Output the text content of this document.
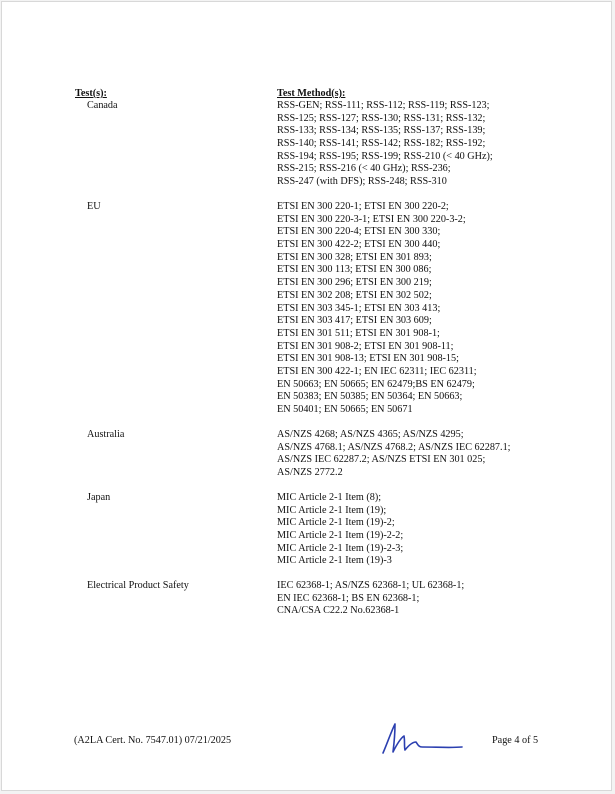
Test(s):	Test Method(s):
Canada	RSS-GEN; RSS-111; RSS-112; RSS-119; RSS-123;
RSS-125; RSS-127; RSS-130; RSS-131; RSS-132;
RSS-133; RSS-134; RSS-135; RSS-137; RSS-139;
RSS-140; RSS-141; RSS-142; RSS-182; RSS-192;
RSS-194; RSS-195; RSS-199; RSS-210 (< 40 GHz);
RSS-215; RSS-216 (< 40 GHz); RSS-236;
RSS-247 (with DFS); RSS-248; RSS-310
EU	ETSI EN 300 220-1; ETSI EN 300 220-2;
ETSI EN 300 220-3-1; ETSI EN 300 220-3-2;
ETSI EN 300 220-4; ETSI EN 300 330;
ETSI EN 300 422-2; ETSI EN 300 440;
ETSI EN 300 328; ETSI EN 301 893;
ETSI EN 300 113; ETSI EN 300 086;
ETSI EN 300 296; ETSI EN 300 219;
ETSI EN 302 208; ETSI EN 302 502;
ETSI EN 303 345-1; ETSI EN 303 413;
ETSI EN 303 417; ETSI EN 303 609;
ETSI EN 301 511; ETSI EN 301 908-1;
ETSI EN 301 908-2; ETSI EN 301 908-11;
ETSI EN 301 908-13; ETSI EN 301 908-15;
ETSI EN 300 422-1; EN IEC 62311; IEC 62311;
EN 50663; EN 50665; EN 62479;BS EN 62479;
EN 50383; EN 50385; EN 50364; EN 50663;
EN 50401; EN 50665; EN 50671
Australia	AS/NZS 4268; AS/NZS 4365; AS/NZS 4295;
AS/NZS 4768.1; AS/NZS 4768.2; AS/NZS IEC 62287.1;
AS/NZS IEC 62287.2; AS/NZS ETSI EN 301 025;
AS/NZS 2772.2
Japan	MIC Article 2-1 Item (8);
MIC Article 2-1 Item (19);
MIC Article 2-1 Item (19)-2;
MIC Article 2-1 Item (19)-2-2;
MIC Article 2-1 Item (19)-2-3;
MIC Article 2-1 Item (19)-3
Electrical Product Safety	IEC 62368-1; AS/NZS 62368-1; UL 62368-1;
EN IEC 62368-1; BS EN 62368-1;
CNA/CSA C22.2 No.62368-1
(A2LA Cert. No. 7547.01) 07/21/2025	Page 4 of 5
